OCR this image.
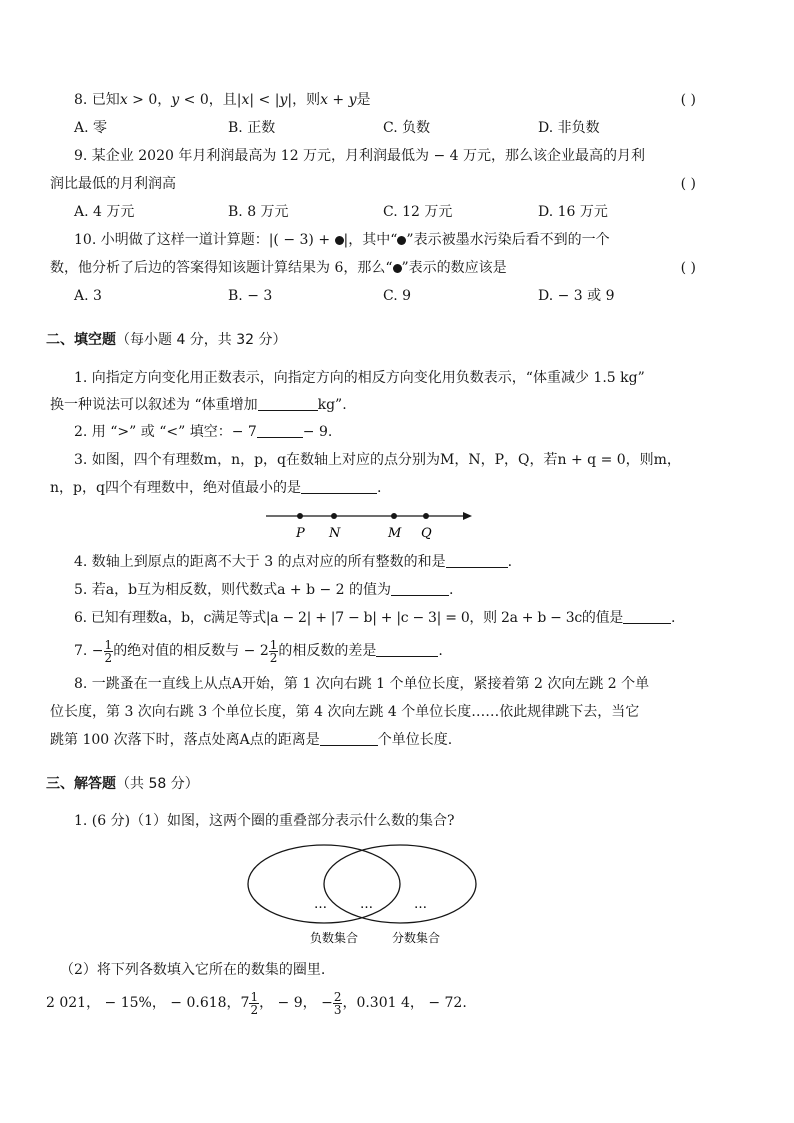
8. 已知x > 0，y < 0，且|x| < |y|，则x + y是	( )
A. 零	B. 正数	C. 负数	D. 非负数
9. 某企业 2020 年月利润最高为 12 万元，月利润最低为 − 4 万元，那么该企业最高的月利
润比最低的月利润高	( )
A. 4 万元	B. 8 万元	C. 12 万元	D. 16 万元
10. 小明做了这样一道计算题：|( − 3) + |，其中“ ”表示被墨水污染后看不到的一个
数，他分析了后边的答案得知该题计算结果为 6，那么“ ”表示的数应该是	( )
A. 3	B. − 3	C. 9	D. − 3 或 9
二、填空题（每小题 4 分，共 32 分）
1. 向指定方向变化用正数表示，向指定方向的相反方向变化用负数表示，“体重减少 1.5 kg”
换一种说法可以叙述为 “体重增加	kg”.
2. 用 “>” 或 “<” 填空：− 7	− 9.
3. 如图，四个有理数m，n，p，q在数轴上对应的点分别为M，N，P，Q，若n + q = 0，则m，
n，p，q四个有理数中，绝对值最小的是	.
P N	M Q
4. 数轴上到原点的距离不大于 3 的点对应的所有整数的和是	.
5. 若a，b互为相反数，则代数式a + b − 2 的值为	.
6. 已知有理数a，b，c满足等式|a − 2| + |7 − b| + |c − 3| = 0，则 2a + b − 3c的值是	.
7. − $\frac{1}{2}$ 的绝对值的相反数与 − $2 \frac{1}{2}$ 的相反数的差是	.
8. 一跳蚤在一直线上从点A开始，第 1 次向右跳 1 个单位长度，紧接着第 2 次向左跳 2 个单
位长度，第 3 次向右跳 3 个单位长度，第 4 次向左跳 4 个单位长度……依此规律跳下去，当它
跳第 100 次落下时，落点处离A点的距离是	个单位长度.
三、解答题（共 58 分）
1. (6 分)（1）如图，这两个圈的重叠部分表示什么数的集合?
…	…	…
负数集合	分数集合
（2）将下列各数填入它所在的数集的圈里.
2 021， − 15%， − 0.618，$7 \frac{1}{2}$ ， − 9， − $\frac{2}{3}$ ，0.301 4， − 72.
